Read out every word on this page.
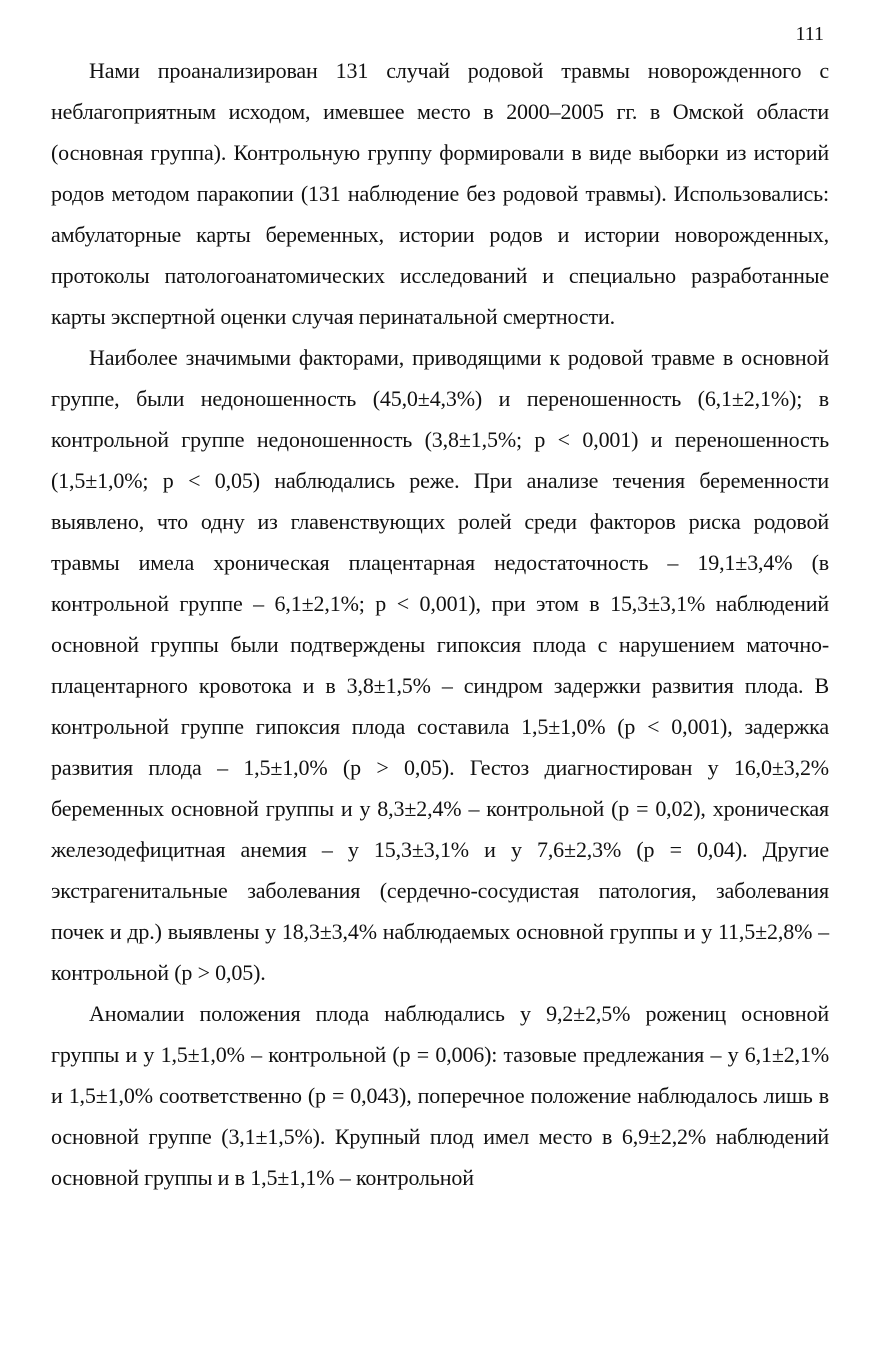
111

Нами проанализирован 131 случай родовой травмы новорожденного с неблагоприятным исходом, имевшее место в 2000–2005 гг. в Омской области (основная группа). Контрольную группу формировали в виде выборки из историй родов методом паракопии (131 наблюдение без родовой травмы). Использовались: амбулаторные карты беременных, истории родов и истории новорожденных, протоколы патологоанатомических исследований и специально разработанные карты экспертной оценки случая перинатальной смертности.

Наиболее значимыми факторами, приводящими к родовой травме в основной группе, были недоношенность (45,0±4,3%) и переношенность (6,1±2,1%); в контрольной группе недоношенность (3,8±1,5%; р < 0,001) и переношенность (1,5±1,0%; р < 0,05) наблюдались реже. При анализе течения беременности выявлено, что одну из главенствующих ролей среди факторов риска родовой травмы имела хроническая плацентарная недостаточность – 19,1±3,4% (в контрольной группе – 6,1±2,1%; р < 0,001), при этом в 15,3±3,1% наблюдений основной группы были подтверждены гипоксия плода с нарушением маточно-плацентарного кровотока и в 3,8±1,5% – синдром задержки развития плода. В контрольной группе гипоксия плода составила 1,5±1,0% (р < 0,001), задержка развития плода – 1,5±1,0% (р > 0,05). Гестоз диагностирован у 16,0±3,2% беременных основной группы и у 8,3±2,4% – контрольной (р = 0,02), хроническая железодефицитная анемия – у 15,3±3,1% и у 7,6±2,3% (р = 0,04). Другие экстрагенитальные заболевания (сердечно-сосудистая патология, заболевания почек и др.) выявлены у 18,3±3,4% наблюдаемых основной группы и у 11,5±2,8% – контрольной (р > 0,05).

Аномалии положения плода наблюдались у 9,2±2,5% рожениц основной группы и у 1,5±1,0% – контрольной (р = 0,006): тазовые предлежания – у 6,1±2,1% и 1,5±1,0% соответственно (р = 0,043), поперечное положение наблюдалось лишь в основной группе (3,1±1,5%). Крупный плод имел место в 6,9±2,2% наблюдений основной группы и в 1,5±1,1% – контрольной
